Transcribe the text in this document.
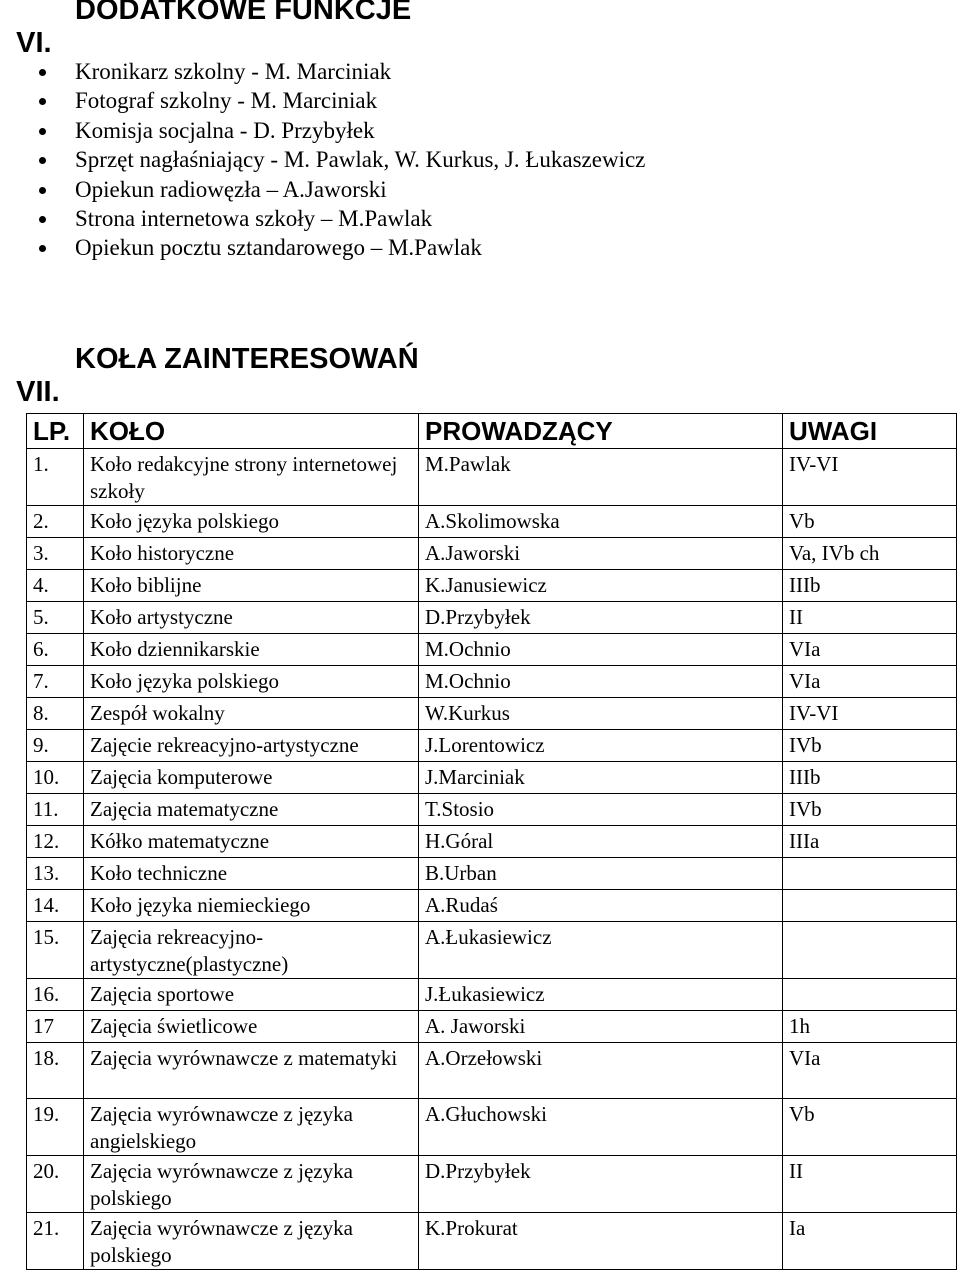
VI.

DODATKOWE FUNKCJE

Kronikarz szkolny - M. Marciniak
Fotograf szkolny - M. Marciniak
Komisja socjalna - D. Przybyłek
Sprzęt nagłaśniający - M. Pawlak, W. Kurkus, J. Łukaszewicz
Opiekun radiowęzła – A.Jaworski
Strona internetowa szkoły – M.Pawlak
Opiekun pocztu sztandarowego – M.Pawlak

VII.

KOŁA ZAINTERESOWAŃ

LP.	KOŁO	PROWADZĄCY	UWAGI
1.	Koło redakcyjne strony internetowej szkoły	M.Pawlak	IV-VI
2.	Koło języka polskiego	A.Skolimowska	Vb
3.	Koło historyczne	A.Jaworski	Va, IVb ch
4.	Koło biblijne	K.Janusiewicz	IIIb
5.	Koło artystyczne	D.Przybyłek	II
6.	Koło dziennikarskie	M.Ochnio	VIa
7.	Koło języka polskiego	M.Ochnio	VIa
8.	Zespół wokalny	W.Kurkus	IV-VI
9.	Zajęcie rekreacyjno-artystyczne	J.Lorentowicz	IVb
10.	Zajęcia komputerowe	J.Marciniak	IIIb
11.	Zajęcia matematyczne	T.Stosio	IVb
12.	Kółko matematyczne	H.Góral	IIIa
13.	Koło techniczne	B.Urban	
14.	Koło języka niemieckiego	A.Rudaś	
15.	Zajęcia rekreacyjno-artystyczne(plastyczne)	A.Łukasiewicz	
16.	Zajęcia sportowe	J.Łukasiewicz	
17	Zajęcia świetlicowe	A. Jaworski	1h
18.	Zajęcia wyrównawcze z matematyki	A.Orzełowski	VIa
19.	Zajęcia wyrównawcze z języka angielskiego	A.Głuchowski	Vb
20.	Zajęcia wyrównawcze z języka polskiego	D.Przybyłek	II
21.	Zajęcia wyrównawcze z języka polskiego	K.Prokurat	Ia
